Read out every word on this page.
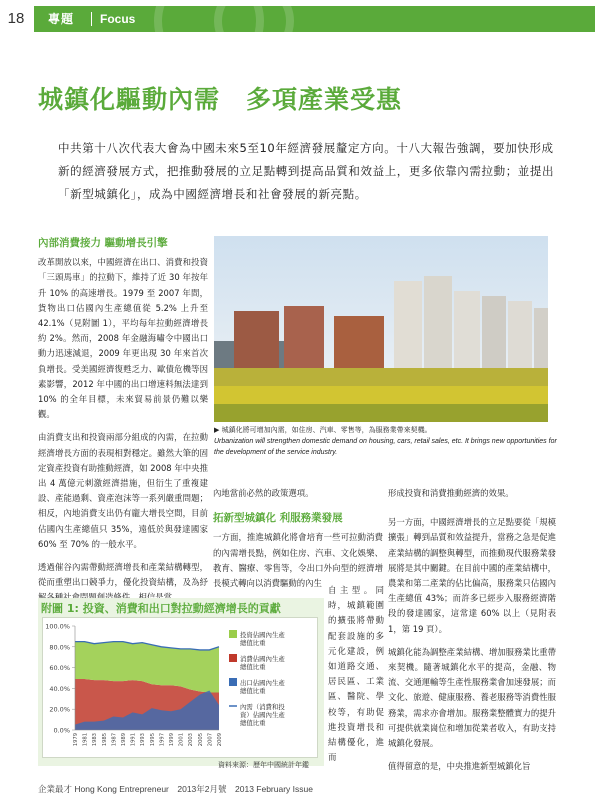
18	專題 Focus
城鎮化驅動內需　多項產業受惠
中共第十八次代表大會為中國未來5至10年經濟發展釐定方向。十八大報告強調，要加快形成新的經濟發展方式，把推動發展的立足點轉到提高品質和效益上，更多依靠內需拉動；並提出「新型城鎮化」，成為中國經濟增長和社會發展的新亮點。
內部消費接力 驅動增長引擎

改革開放以來，中國經濟在出口、消費和投資「三頭馬車」的拉動下，維持了近 30 年按年升 10% 的高速增長。1979 至 2007 年間，貨物出口佔國內生產總值從 5.2% 上升至 42.1%（見附圖 1），平均每年拉動經濟增長約 2%。然而，2008 年金融海嘯令中國出口動力迅速減退，2009 年更出現 30 年來首次負增長。受美國經濟復甦乏力、歐債危機等因素影響，2012 年中國的出口增速料無法達到 10% 的全年目標，未來貿易前景仍難以樂觀。

由消費支出和投資兩部分組成的內需，在拉動經濟增長方面的表現相對穩定。雖然大筆的固定資產投資有助推動經濟，如 2008 年中央推出 4 萬億元刺激經濟措施，但衍生了重複建設、產能過剩、資產泡沫等一系列嚴重問題；相反，內地消費支出仍有龐大增長空間，目前佔國內生產總值只 35%，遠低於與發達國家 60% 至 70% 的一般水平。

透過催谷內需帶動經濟增長和產業結構轉型，從而重塑出口競爭力，優化投資結構，及為紓

▶ 城鎮化將可增加內需，如住房、汽車、零售等，為服務業帶來契機。
Urbanization will strengthen domestic demand on housing, cars, retail sales, etc. It brings new opportunities for the development of the service industry.

內地當前必然的政策選項。

拓新型城鎮化 利服務業發展

一方面，推進城鎮化將會培育一些可拉動消費的內需增長點，例如住房、汽車、文化娛樂、教育、醫療、零售等，令出口外向型的經濟增長模式轉向以消費驅動的內生

自主型。同時，城鎮範圍的擴張將帶動配套設施的多元化建設，例如道路交通、居民區、工業區、醫院、學校等，有助促進投資增長和結構優化，進而

形成投資和消費推動經濟的效果。

另一方面，中國經濟增長的立足點要從「規模擴張」轉到品質和效益提升，當務之急是促進產業結構的調整與轉型，而推動現代服務業發展將是其中關鍵。在目前中國的產業結構中，農業和第二產業的佔比偏高，服務業只佔國內生產總值 43%；而許多已經步入服務經濟階段的發達國家，這常達 60% 以上（見附表 1，第 19 頁）。

城鎮化能為調整產業結構、增加服務業比重帶來契機。隨著城鎮化水平的提高，金融、物流、交通運輸等生產性服務業會加速發展；而文化、旅遊、健康服務、養老服務等消費性服務業，需求亦會增加。服務業整體實力的提升可提供就業崗位和增加從業者收入，有助支持城鎮化發展。

值得留意的是，中央推進新型城鎮化旨

附圖 1: 投資、消費和出口對拉動經濟增長的貢獻
0.0%
20.0%
40.0%
60.0%
80.0%
100.0%
1979 1981 1983 1985 1987 1989 1991 1993 1995 1997 1999 2001 2003 2005 2007 2009
投資佔國內生產
總值比重
消費佔國內生產
總值比重
出口佔國內生產
總值比重
內需（消費和投
資）佔國內生產
總值比重
資料來源：歷年中國統計年鑑
企業最才 Hong Kong Entrepreneur　2013年2月號　2013 February Issue
